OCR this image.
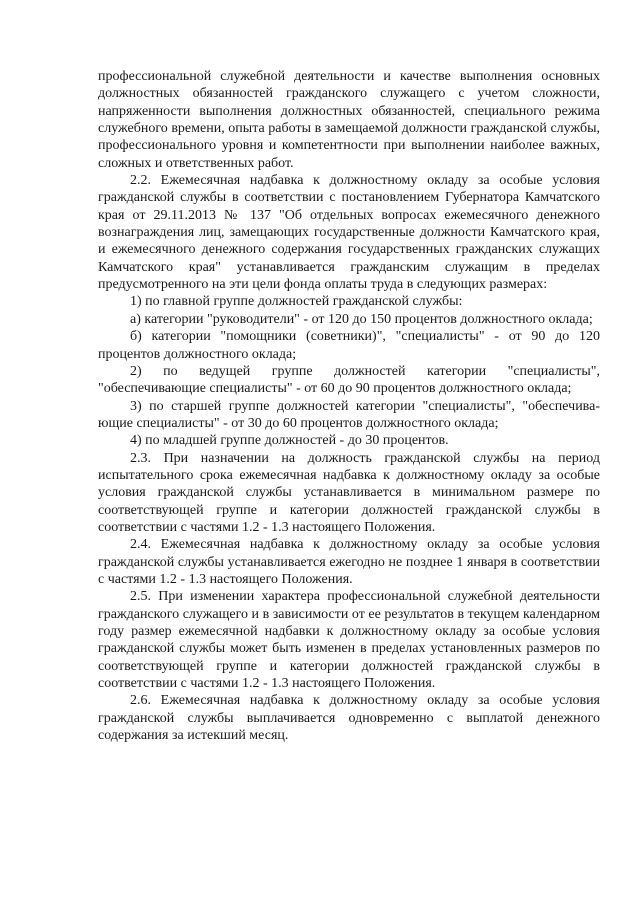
профессиональной служебной деятельности и качестве выполнения основных должностных обязанностей гражданского служащего с учетом сложности, напряженности выполнения должностных обязанностей, специального режима служебного времени, опыта работы в замещаемой должности гражданской службы, профессионального уровня и компетентности при выполнении наиболее важных, сложных и ответственных работ.

2.2. Ежемесячная надбавка к должностному окладу за особые условия гражданской службы в соответствии с постановлением Губернатора Камчатского края от 29.11.2013 № 137 "Об отдельных вопросах ежемесячного денежного вознаграждения лиц, замещающих государственные должности Камчатского края, и ежемесячного денежного содержания государственных гражданских служащих Камчатского края" устанавливается гражданским служащим в пределах предусмотренного на эти цели фонда оплаты труда в следующих размерах:

1) по главной группе должностей гражданской службы:

а) категории "руководители" - от 120 до 150 процентов должностного оклада;

б) категории "помощники (советники)", "специалисты" - от 90 до 120 процентов должностного оклада;

2) по ведущей группе должностей категории "специалисты", "обеспечивающие специалисты" - от 60 до 90 процентов должностного оклада;

3) по старшей группе должностей категории "специалисты", "обеспечива-ющие специалисты" - от 30 до 60 процентов должностного оклада;

4) по младшей группе должностей - до 30 процентов.

2.3. При назначении на должность гражданской службы на период испытательного срока ежемесячная надбавка к должностному окладу за особые условия гражданской службы устанавливается в минимальном размере по соответствующей группе и категории должностей гражданской службы в соответствии с частями 1.2 - 1.3 настоящего Положения.

2.4. Ежемесячная надбавка к должностному окладу за особые условия гражданской службы устанавливается ежегодно не позднее 1 января в соответствии с частями 1.2 - 1.3 настоящего Положения.

2.5. При изменении характера профессиональной служебной деятельности гражданского служащего и в зависимости от ее результатов в текущем календарном году размер ежемесячной надбавки к должностному окладу за особые условия гражданской службы может быть изменен в пределах установленных размеров по соответствующей группе и категории должностей гражданской службы в соответствии с частями 1.2 - 1.3 настоящего Положения.

2.6. Ежемесячная надбавка к должностному окладу за особые условия гражданской службы выплачивается одновременно с выплатой денежного содержания за истекший месяц.
